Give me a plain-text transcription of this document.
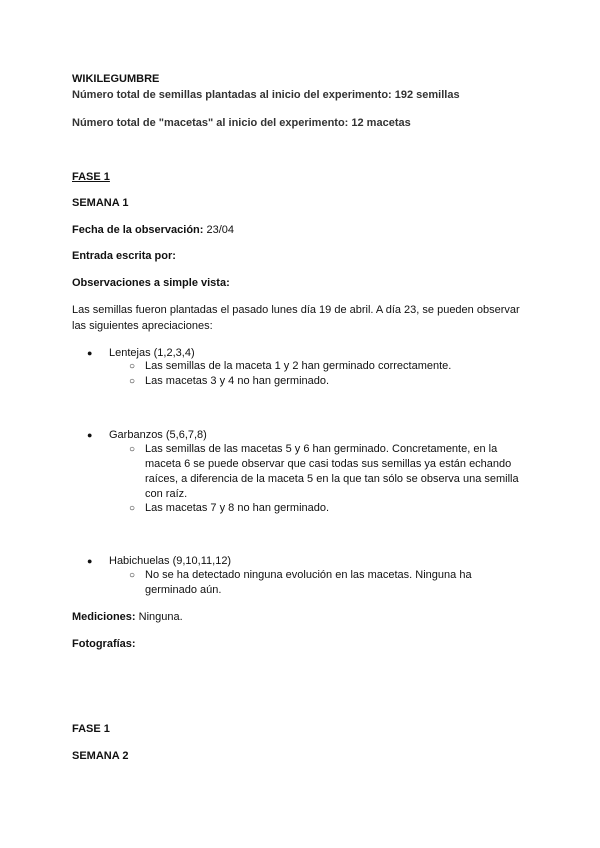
WIKILEGUMBRE

Número total de semillas plantadas al inicio del experimento: 192 semillas

Número total de "macetas" al inicio del experimento: 12 macetas

FASE 1

SEMANA 1

Fecha de la observación: 23/04

Entrada escrita por:

Observaciones a simple vista:

Las semillas fueron plantadas el pasado lunes día 19 de abril. A día 23, se pueden observar las siguientes apreciaciones:

● Lentejas (1,2,3,4)
○ Las semillas de la maceta 1 y 2 han germinado correctamente.
○ Las macetas 3 y 4 no han germinado.
● Garbanzos (5,6,7,8)
○ Las semillas de las macetas 5 y 6 han germinado. Concretamente, en la maceta 6 se puede observar que casi todas sus semillas ya están echando raíces, a diferencia de la maceta 5 en la que tan sólo se observa una semilla con raíz.
○ Las macetas 7 y 8 no han germinado.
● Habichuelas (9,10,11,12)
○ No se ha detectado ninguna evolución en las macetas. Ninguna ha germinado aún.

Mediciones: Ninguna.

Fotografías:

FASE 1

SEMANA 2
